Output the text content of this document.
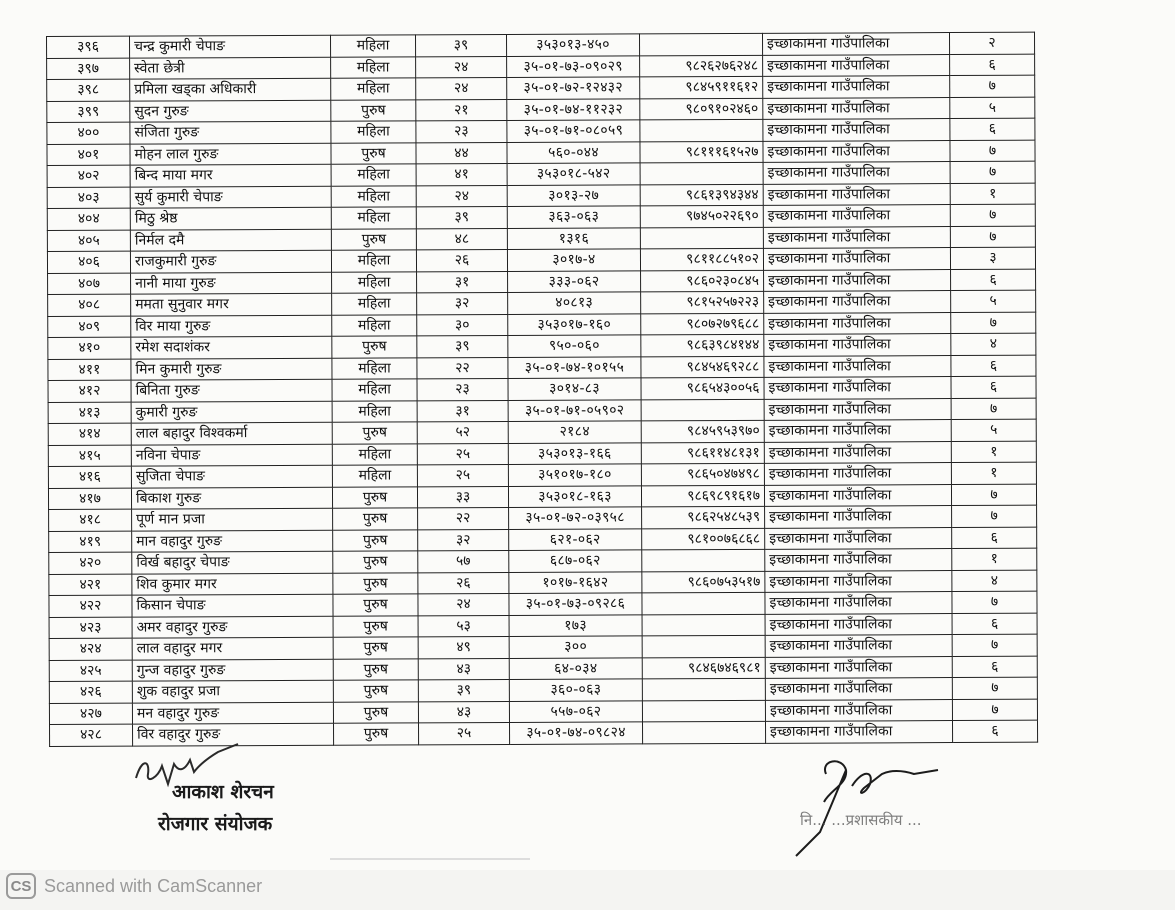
३९६	चन्द्र कुमारी चेपाङ	महिला	३९	३५३०१३-४५०		इच्छाकामना गाउँपालिका	२
३९७	स्वेता छेत्री	महिला	२४	३५-०१-७३-०९०२९	९८२६२७६२४८	इच्छाकामना गाउँपालिका	६
३९८	प्रमिला खड्का अधिकारी	महिला	२४	३५-०१-७२-१२४३२	९८४५९११६१२	इच्छाकामना गाउँपालिका	७
३९९	सुदन गुरुङ	पुरुष	२१	३५-०१-७४-११२३२	९८०९१०२४६०	इच्छाकामना गाउँपालिका	५
४००	संजिता गुरुङ	महिला	२३	३५-०१-७१-०८०५९		इच्छाकामना गाउँपालिका	६
४०१	मोहन लाल गुरुङ	पुरुष	४४	५६०-०४४	९८१११६१५२७	इच्छाकामना गाउँपालिका	७
४०२	बिन्द माया मगर	महिला	४१	३५३०१८-५४२		इच्छाकामना गाउँपालिका	७
४०३	सुर्य कुमारी चेपाङ	महिला	२४	३०१३-२७	९८६१३९४३४४	इच्छाकामना गाउँपालिका	१
४०४	मिठु श्रेष्ठ	महिला	३९	३६३-०६३	९७४५०२२६९०	इच्छाकामना गाउँपालिका	७
४०५	निर्मल दमै	पुरुष	४८	१३१६		इच्छाकामना गाउँपालिका	७
४०६	राजकुमारी गुरुङ	महिला	२६	३०१७-४	९८११८८५१०२	इच्छाकामना गाउँपालिका	३
४०७	नानी माया गुरुङ	महिला	३१	३३३-०६२	९८६०२३०८४५	इच्छाकामना गाउँपालिका	६
४०८	ममता सुनुवार मगर	महिला	३२	४०८१३	९८१५२५७२२३	इच्छाकामना गाउँपालिका	५
४०९	विर माया गुरुङ	महिला	३०	३५३०१७-१६०	९८०७२७९६८८	इच्छाकामना गाउँपालिका	७
४१०	रमेश सदाशंकर	पुरुष	३९	९५०-०६०	९८६३९८४१४४	इच्छाकामना गाउँपालिका	४
४११	मिन कुमारी गुरुङ	महिला	२२	३५-०१-७४-१०१५५	९८४५४६९२८८	इच्छाकामना गाउँपालिका	६
४१२	बिनिता गुरुङ	महिला	२३	३०१४-८३	९८६५४३००५६	इच्छाकामना गाउँपालिका	६
४१३	कुमारी गुरुङ	महिला	३१	३५-०१-७१-०५९०२		इच्छाकामना गाउँपालिका	७
४१४	लाल बहादुर विश्वकर्मा	पुरुष	५२	२१८४	९८४५९५३९७०	इच्छाकामना गाउँपालिका	५
४१५	नविना चेपाङ	महिला	२५	३५३०१३-१६६	९८६११४८१३१	इच्छाकामना गाउँपालिका	१
४१६	सुजिता चेपाङ	महिला	२५	३५१०१७-१८०	९८६५०४७४९८	इच्छाकामना गाउँपालिका	१
४१७	बिकाश गुरुङ	पुरुष	३३	३५३०१८-१६३	९८६९८९१६१७	इच्छाकामना गाउँपालिका	७
४१८	पूर्ण मान प्रजा	पुरुष	२२	३५-०१-७२-०३९५८	९८६२५४८५३९	इच्छाकामना गाउँपालिका	७
४१९	मान वहादुर गुरुङ	पुरुष	३२	६२१-०६२	९८१००७६८६८	इच्छाकामना गाउँपालिका	६
४२०	विर्ख बहादुर चेपाङ	पुरुष	५७	६८७-०६२		इच्छाकामना गाउँपालिका	१
४२१	शिव कुमार मगर	पुरुष	२६	१०१७-१६४२	९८६०७५३५१७	इच्छाकामना गाउँपालिका	४
४२२	किसान चेपाङ	पुरुष	२४	३५-०१-७३-०९२८६		इच्छाकामना गाउँपालिका	७
४२३	अमर वहादुर गुरुङ	पुरुष	५३	१७३		इच्छाकामना गाउँपालिका	६
४२४	लाल वहादुर मगर	पुरुष	४९	३००		इच्छाकामना गाउँपालिका	७
४२५	गुन्ज वहादुर गुरुङ	पुरुष	४३	६४-०३४	९८४६७४६९८१	इच्छाकामना गाउँपालिका	६
४२६	शुक वहादुर प्रजा	पुरुष	३९	३६०-०६३		इच्छाकामना गाउँपालिका	७
४२७	मन वहादुर गुरुङ	पुरुष	४३	५५७-०६२		इच्छाकामना गाउँपालिका	७
४२८	विर वहादुर गुरुङ	पुरुष	२५	३५-०१-७४-०९८२४		इच्छाकामना गाउँपालिका	६
आकाश शेरचन
रोजगार संयोजक	नि... ...प्रशासकीय ...
CS Scanned with CamScanner
